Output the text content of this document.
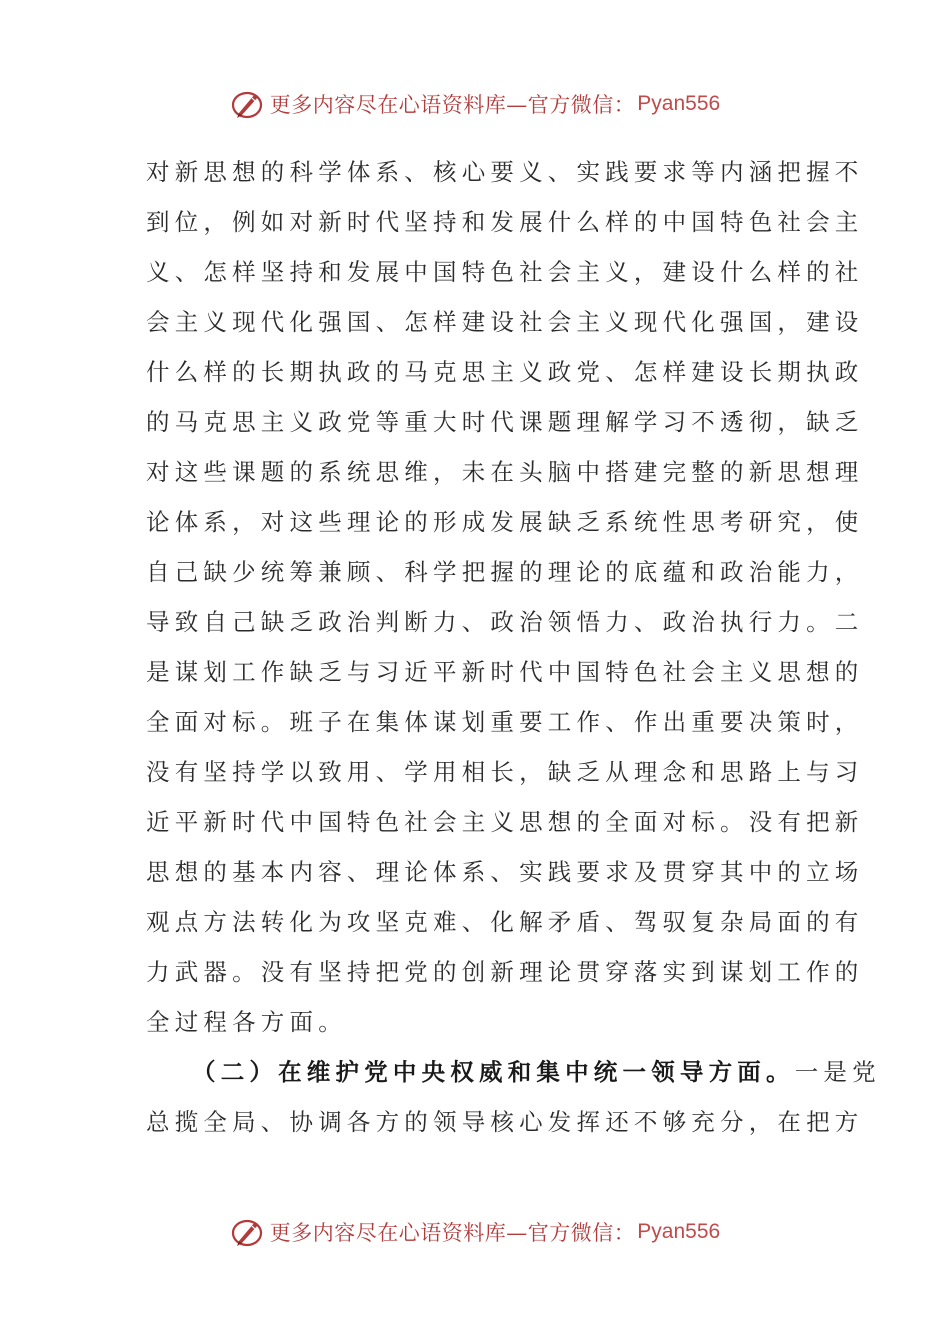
更多内容尽在心语资料库—官方微信： Pyan556
对新思想的科学体系、核心要义、实践要求等内涵把握不
到位，例如对新时代坚持和发展什么样的中国特色社会主
义、怎样坚持和发展中国特色社会主义，建设什么样的社
会主义现代化强国、怎样建设社会主义现代化强国，建设
什么样的长期执政的马克思主义政党、怎样建设长期执政
的马克思主义政党等重大时代课题理解学习不透彻，缺乏
对这些课题的系统思维，未在头脑中搭建完整的新思想理
论体系，对这些理论的形成发展缺乏系统性思考研究，使
自己缺少统筹兼顾、科学把握的理论的底蕴和政治能力，
导致自己缺乏政治判断力、政治领悟力、政治执行力。二
是谋划工作缺乏与习近平新时代中国特色社会主义思想的
全面对标。班子在集体谋划重要工作、作出重要决策时，
没有坚持学以致用、学用相长，缺乏从理念和思路上与习
近平新时代中国特色社会主义思想的全面对标。没有把新
思想的基本内容、理论体系、实践要求及贯穿其中的立场
观点方法转化为攻坚克难、化解矛盾、驾驭复杂局面的有
力武器。没有坚持把党的创新理论贯穿落实到谋划工作的
全过程各方面。
（二）在维护党中央权威和集中统一领导方面。一是党
总揽全局、协调各方的领导核心发挥还不够充分，在把方
更多内容尽在心语资料库—官方微信： Pyan556
